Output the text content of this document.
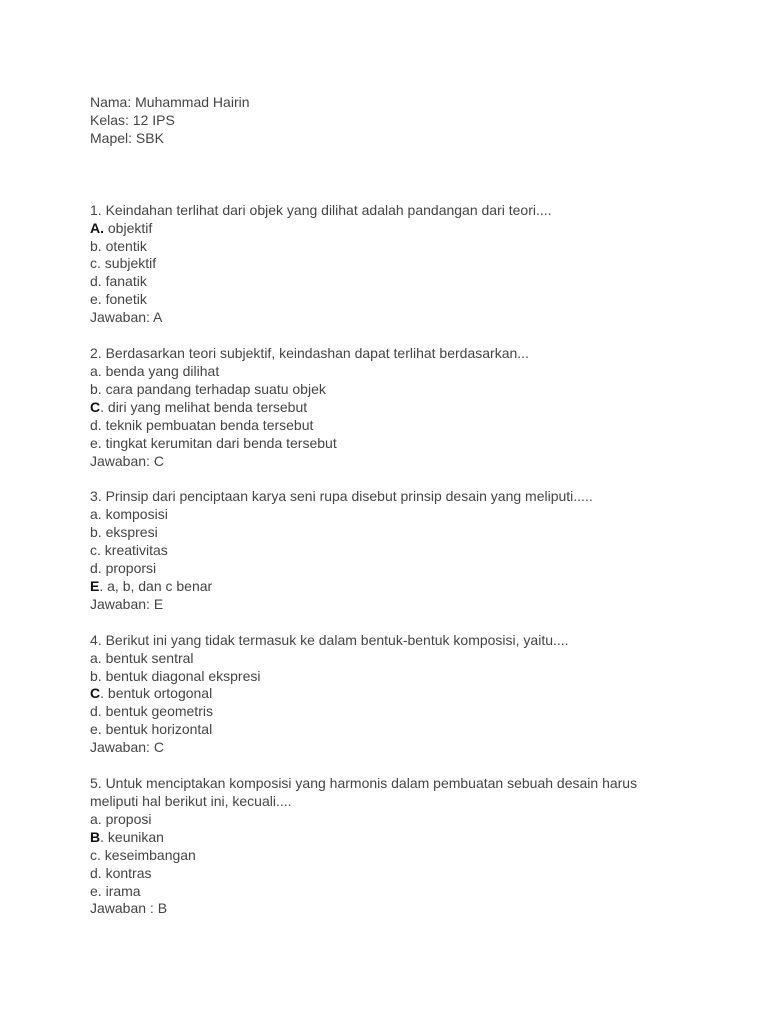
Nama: Muhammad Hairin

Kelas: 12 IPS

Mapel: SBK

1. Keindahan terlihat dari objek yang dilihat adalah pandangan dari teori....

A. objektif

b. otentik

c. subjektif

d. fanatik

e. fonetik

Jawaban: A

2. Berdasarkan teori subjektif, keindashan dapat terlihat berdasarkan...

a. benda yang dilihat

b. cara pandang terhadap suatu objek

C. diri yang melihat benda tersebut

d. teknik pembuatan benda tersebut

e. tingkat kerumitan dari benda tersebut

Jawaban: C

3. Prinsip dari penciptaan karya seni rupa disebut prinsip desain yang meliputi.....

a. komposisi

b. ekspresi

c. kreativitas

d. proporsi

E. a, b, dan c benar

Jawaban: E

4. Berikut ini yang tidak termasuk ke dalam bentuk-bentuk komposisi, yaitu....

a. bentuk sentral

b. bentuk diagonal ekspresi

C. bentuk ortogonal

d. bentuk geometris

e. bentuk horizontal

Jawaban: C

5. Untuk menciptakan komposisi yang harmonis dalam pembuatan sebuah desain harus meliputi hal berikut ini, kecuali....

a. proposi

B. keunikan

c. keseimbangan

d. kontras

e. irama

Jawaban : B
